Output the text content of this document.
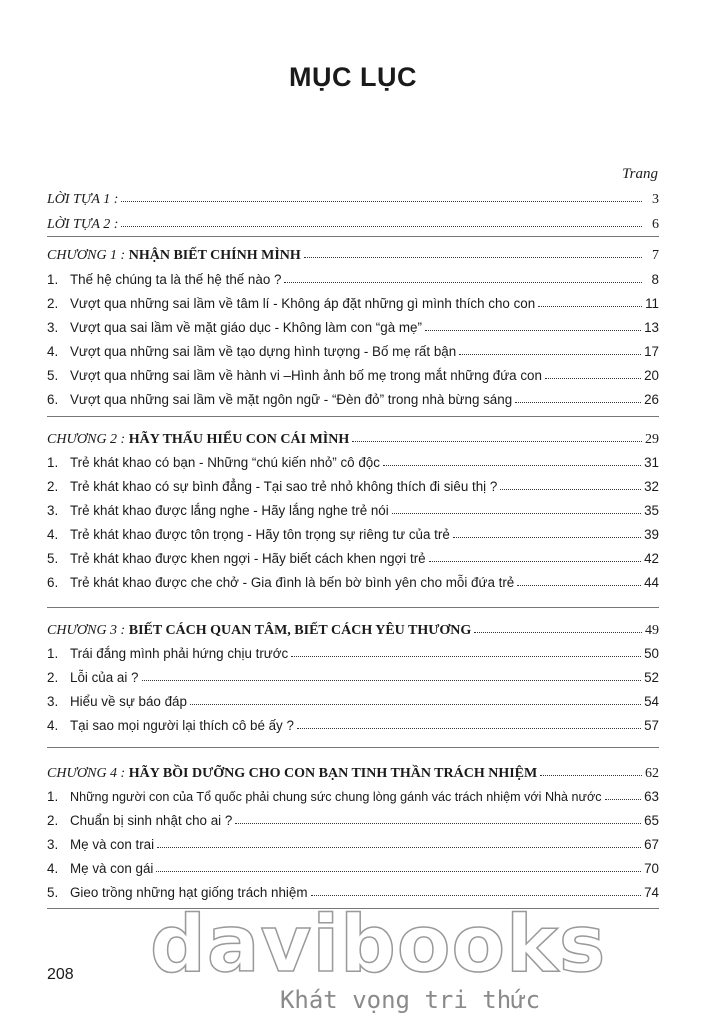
MỤC LỤC
Trang
LỜI TỰA 1 :	3
LỜI TỰA 2 :	6
CHƯƠNG 1 : NHẬN BIẾT CHÍNH MÌNH	7
1. Thế hệ chúng ta là thế hệ thế nào ?	8
2. Vượt qua những sai lầm về tâm lí - Không áp đặt những gì mình thích cho con	11
3. Vượt qua sai lầm về mặt giáo dục - Không làm con “gà mẹ”	13
4. Vượt qua những sai lầm về tạo dựng hình tượng - Bố mẹ rất bận	17
5. Vượt qua những sai lầm về hành vi –Hình ảnh bố mẹ trong mắt những đứa con	20
6. Vượt qua những sai lầm về mặt ngôn ngữ - “Đèn đỏ” trong nhà bừng sáng	26
CHƯƠNG 2 : HÃY THẤU HIỂU CON CÁI MÌNH	29
1. Trẻ khát khao có bạn - Những “chú kiến nhỏ” cô độc	31
2. Trẻ khát khao có sự bình đẳng - Tại sao trẻ nhỏ không thích đi siêu thị ?	32
3. Trẻ khát khao được lắng nghe - Hãy lắng nghe trẻ nói	35
4. Trẻ khát khao được tôn trọng - Hãy tôn trọng sự riêng tư của trẻ	39
5. Trẻ khát khao được khen ngợi - Hãy biết cách khen ngợi trẻ	42
6. Trẻ khát khao được che chở - Gia đình là bến bờ bình yên cho mỗi đứa trẻ	44
CHƯƠNG 3 : BIẾT CÁCH QUAN TÂM, BIẾT CÁCH YÊU THƯƠNG	49
1. Trái đắng mình phải hứng chịu trước	50
2. Lỗi của ai ?	52
3. Hiểu về sự báo đáp	54
4. Tại sao mọi người lại thích cô bé ấy ?	57
CHƯƠNG 4 : HÃY BỒI DƯỠNG CHO CON BẠN TINH THẦN TRÁCH NHIỆM	62
1. Những người con của Tổ quốc phải chung sức chung lòng gánh vác trách nhiệm với Nhà nước	63
2. Chuẩn bị sinh nhật cho ai ?	65
3. Mẹ và con trai	67
4. Mẹ và con gái	70
5. Gieo trồng những hạt giống trách nhiệm	74
davibooks
Khát vọng tri thức
208
